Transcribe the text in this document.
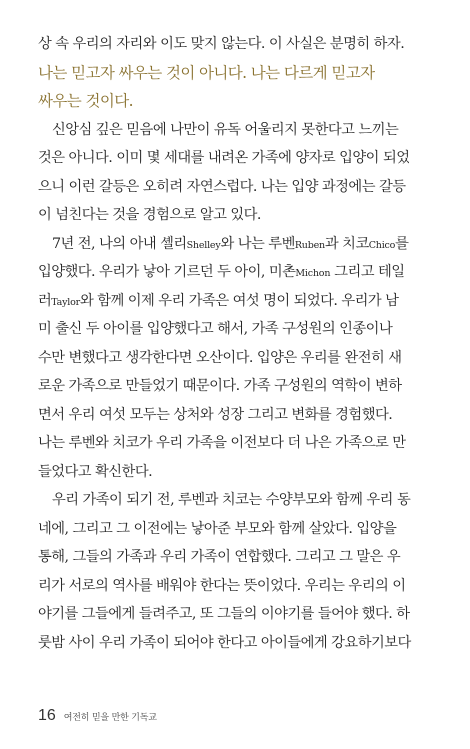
상 속 우리의 자리와 이도 맞지 않는다. 이 사실은 분명히 하자.
나는 믿고자 싸우는 것이 아니다. 나는 다르게 믿고자
싸우는 것이다.
신앙심 깊은 믿음에 나만이 유독 어울리지 못한다고 느끼는
것은 아니다. 이미 몇 세대를 내려온 가족에 양자로 입양이 되었
으니 이런 갈등은 오히려 자연스럽다. 나는 입양 과정에는 갈등
이 넘친다는 것을 경험으로 알고 있다.
7년 전, 나의 아내 셸리Shelley와 나는 루벤Ruben과 치코Chico를
입양했다. 우리가 낳아 기르던 두 아이, 미촌Michon 그리고 테일
러Taylor와 함께 이제 우리 가족은 여섯 명이 되었다. 우리가 남
미 출신 두 아이를 입양했다고 해서, 가족 구성원의 인종이나
수만 변했다고 생각한다면 오산이다. 입양은 우리를 완전히 새
로운 가족으로 만들었기 때문이다. 가족 구성원의 역학이 변하
면서 우리 여섯 모두는 상처와 성장 그리고 변화를 경험했다.
나는 루벤와 치코가 우리 가족을 이전보다 더 나은 가족으로 만
들었다고 확신한다.
우리 가족이 되기 전, 루벤과 치코는 수양부모와 함께 우리 동
네에, 그리고 그 이전에는 낳아준 부모와 함께 살았다. 입양을
통해, 그들의 가족과 우리 가족이 연합했다. 그리고 그 말은 우
리가 서로의 역사를 배워야 한다는 뜻이었다. 우리는 우리의 이
야기를 그들에게 들려주고, 또 그들의 이야기를 들어야 했다. 하
룻밤 사이 우리 가족이 되어야 한다고 아이들에게 강요하기보다
16 여전히 믿을 만한 기독교
